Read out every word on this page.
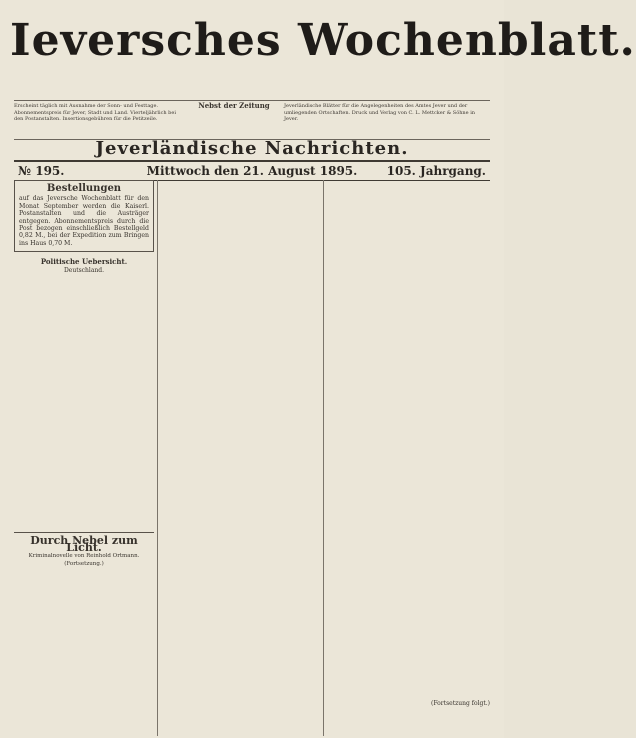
Ieversches Wochenblatt.
Erscheint täglich mit Ausnahme der Sonn- und Festtage. Abonnementspreis für Jever, Stadt und Land. Vierteljährlich bei den Postanstalten. Insertionsgebühren für die Petitzeile.
Nebst der Zeitung	Jeverländische Blätter für die Angelegenheiten des Amtes Jever und der umliegenden Ortschaften. Druck und Verlag von C. L. Mettcker & Söhne in Jever.
Jeverländische Nachrichten.
№ 195.	Mittwoch den 21. August 1895.	105. Jahrgang.
Bestellungen
auf das Jeversche Wochenblatt für den Monat September werden die Kaiserl. Postanstalten und die Austräger entgegen. Abonnementspreis durch die Post bezogen einschließlich Bestellgeld 0,82 M., bei der Expedition zum Bringen ins Haus 0,70 M.
Politische Uebersicht.
Deutschland.
Durch Nebel zum Licht.
Kriminalnovelle von Reinhold Ortmann.
(Fortsetzung.)
(Fortsetzung folgt.)
